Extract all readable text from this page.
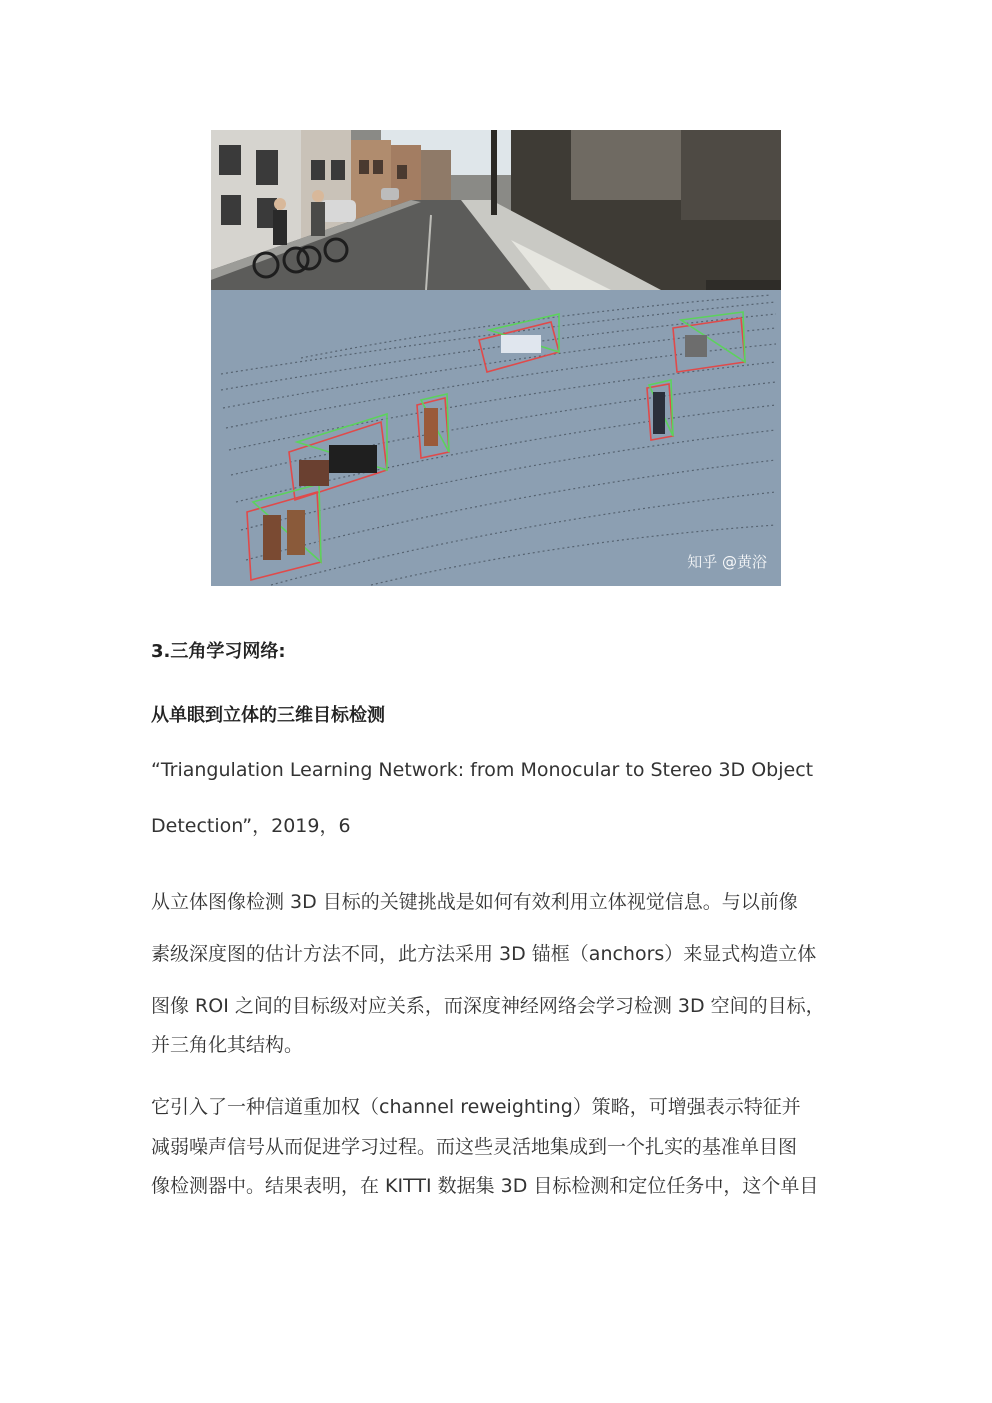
知乎 @黄浴
3.三角学习网络:
从单眼到立体的三维目标检测
“Triangulation Learning Network: from Monocular to Stereo 3D Object
Detection”，2019，6
从立体图像检测 3D 目标的关键挑战是如何有效利用立体视觉信息。与以前像
素级深度图的估计方法不同，此方法采用 3D 锚框（anchors）来显式构造立体
图像 ROI 之间的目标级对应关系，而深度神经网络会学习检测 3D 空间的目标，
并三角化其结构。
它引入了一种信道重加权（channel reweighting）策略，可增强表示特征并
减弱噪声信号从而促进学习过程。而这些灵活地集成到一个扎实的基准单目图
像检测器中。结果表明，在 KITTI 数据集 3D 目标检测和定位任务中，这个单目
